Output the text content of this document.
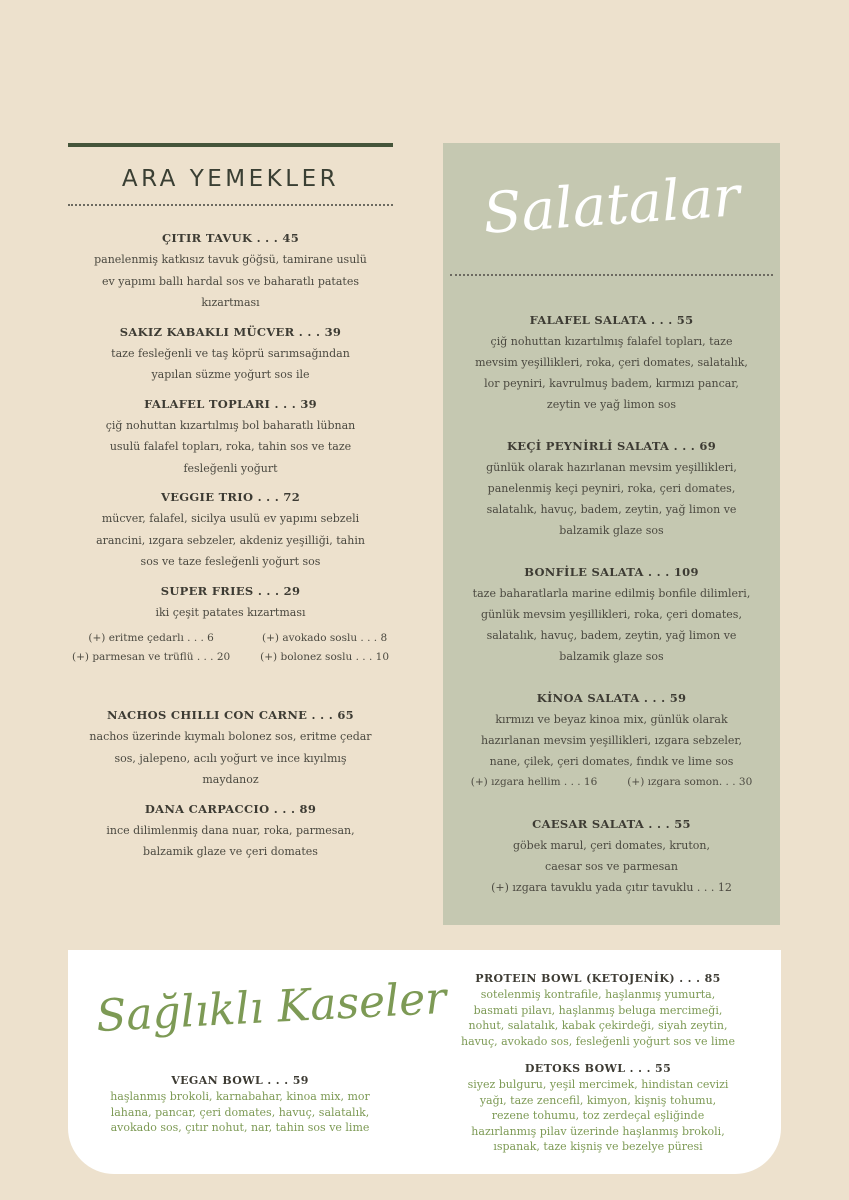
ARA YEMEKLER
ÇITIR TAVUK . . . 45
panelenmiş katkısız tavuk göğsü, tamirane usulü
ev yapımı ballı hardal sos ve baharatlı patates
kızartması
SAKIZ KABAKLI MÜCVER . . . 39
taze fesleğenli ve taş köprü sarımsağından
yapılan süzme yoğurt sos ile
FALAFEL TOPLARI . . . 39
çiğ nohuttan kızartılmış bol baharatlı lübnan
usulü falafel topları, roka, tahin sos ve taze
fesleğenli yoğurt
VEGGIE TRIO . . . 72
mücver, falafel, sicilya usulü ev yapımı sebzeli
arancini, ızgara sebzeler, akdeniz yeşilliği, tahin
sos ve taze fesleğenli yoğurt sos
SUPER FRIES . . . 29
iki çeşit patates kızartması
(+) eritme çedarlı . . . 6
(+) parmesan ve trüflü . . . 20
(+) avokado soslu . . . 8
(+) bolonez soslu . . . 10
NACHOS CHILLI CON CARNE . . . 65
nachos üzerinde kıymalı bolonez sos, eritme çedar
sos, jalepeno, acılı yoğurt ve ince kıyılmış
maydanoz
DANA CARPACCIO . . . 89
ince dilimlenmiş dana nuar, roka, parmesan,
balzamik glaze ve çeri domates
Salatalar
FALAFEL SALATA . . . 55
çiğ nohuttan kızartılmış falafel topları, taze
mevsim yeşillikleri, roka, çeri domates, salatalık,
lor peyniri, kavrulmuş badem, kırmızı pancar,
zeytin ve yağ limon sos
KEÇİ PEYNİRLİ SALATA . . . 69
günlük olarak hazırlanan mevsim yeşillikleri,
panelenmiş keçi peyniri, roka, çeri domates,
salatalık, havuç, badem, zeytin, yağ limon ve
balzamik glaze sos
BONFİLE SALATA . . . 109
taze baharatlarla marine edilmiş bonfile dilimleri,
günlük mevsim yeşillikleri, roka, çeri domates,
salatalık, havuç, badem, zeytin, yağ limon ve
balzamik glaze sos
KİNOA SALATA . . . 59
kırmızı ve beyaz kinoa mix, günlük olarak
hazırlanan mevsim yeşillikleri, ızgara sebzeler,
nane, çilek, çeri domates, fındık ve lime sos
(+) ızgara hellim . . . 16	(+) ızgara somon. . . 30
CAESAR SALATA . . . 55
göbek marul, çeri domates, kruton,
caesar sos ve parmesan
(+) ızgara tavuklu yada çıtır tavuklu . . . 12
Sağlıklı Kaseler
VEGAN BOWL . . . 59
haşlanmış brokoli, karnabahar, kinoa mix, mor
lahana, pancar, çeri domates, havuç, salatalık,
avokado sos, çıtır nohut, nar, tahin sos ve lime
PROTEIN BOWL (KETOJENİK) . . . 85
sotelenmiş kontrafile, haşlanmış yumurta,
basmati pilavı, haşlanmış beluga mercimeği,
nohut, salatalık, kabak çekirdeği, siyah zeytin,
havuç, avokado sos, fesleğenli yoğurt sos ve lime
DETOKS BOWL . . . 55
siyez bulguru, yeşil mercimek, hindistan cevizi
yağı, taze zencefil, kimyon, kişniş tohumu,
rezene tohumu, toz zerdeçal eşliğinde
hazırlanmış pilav üzerinde haşlanmış brokoli,
ıspanak, taze kişniş ve bezelye püresi
